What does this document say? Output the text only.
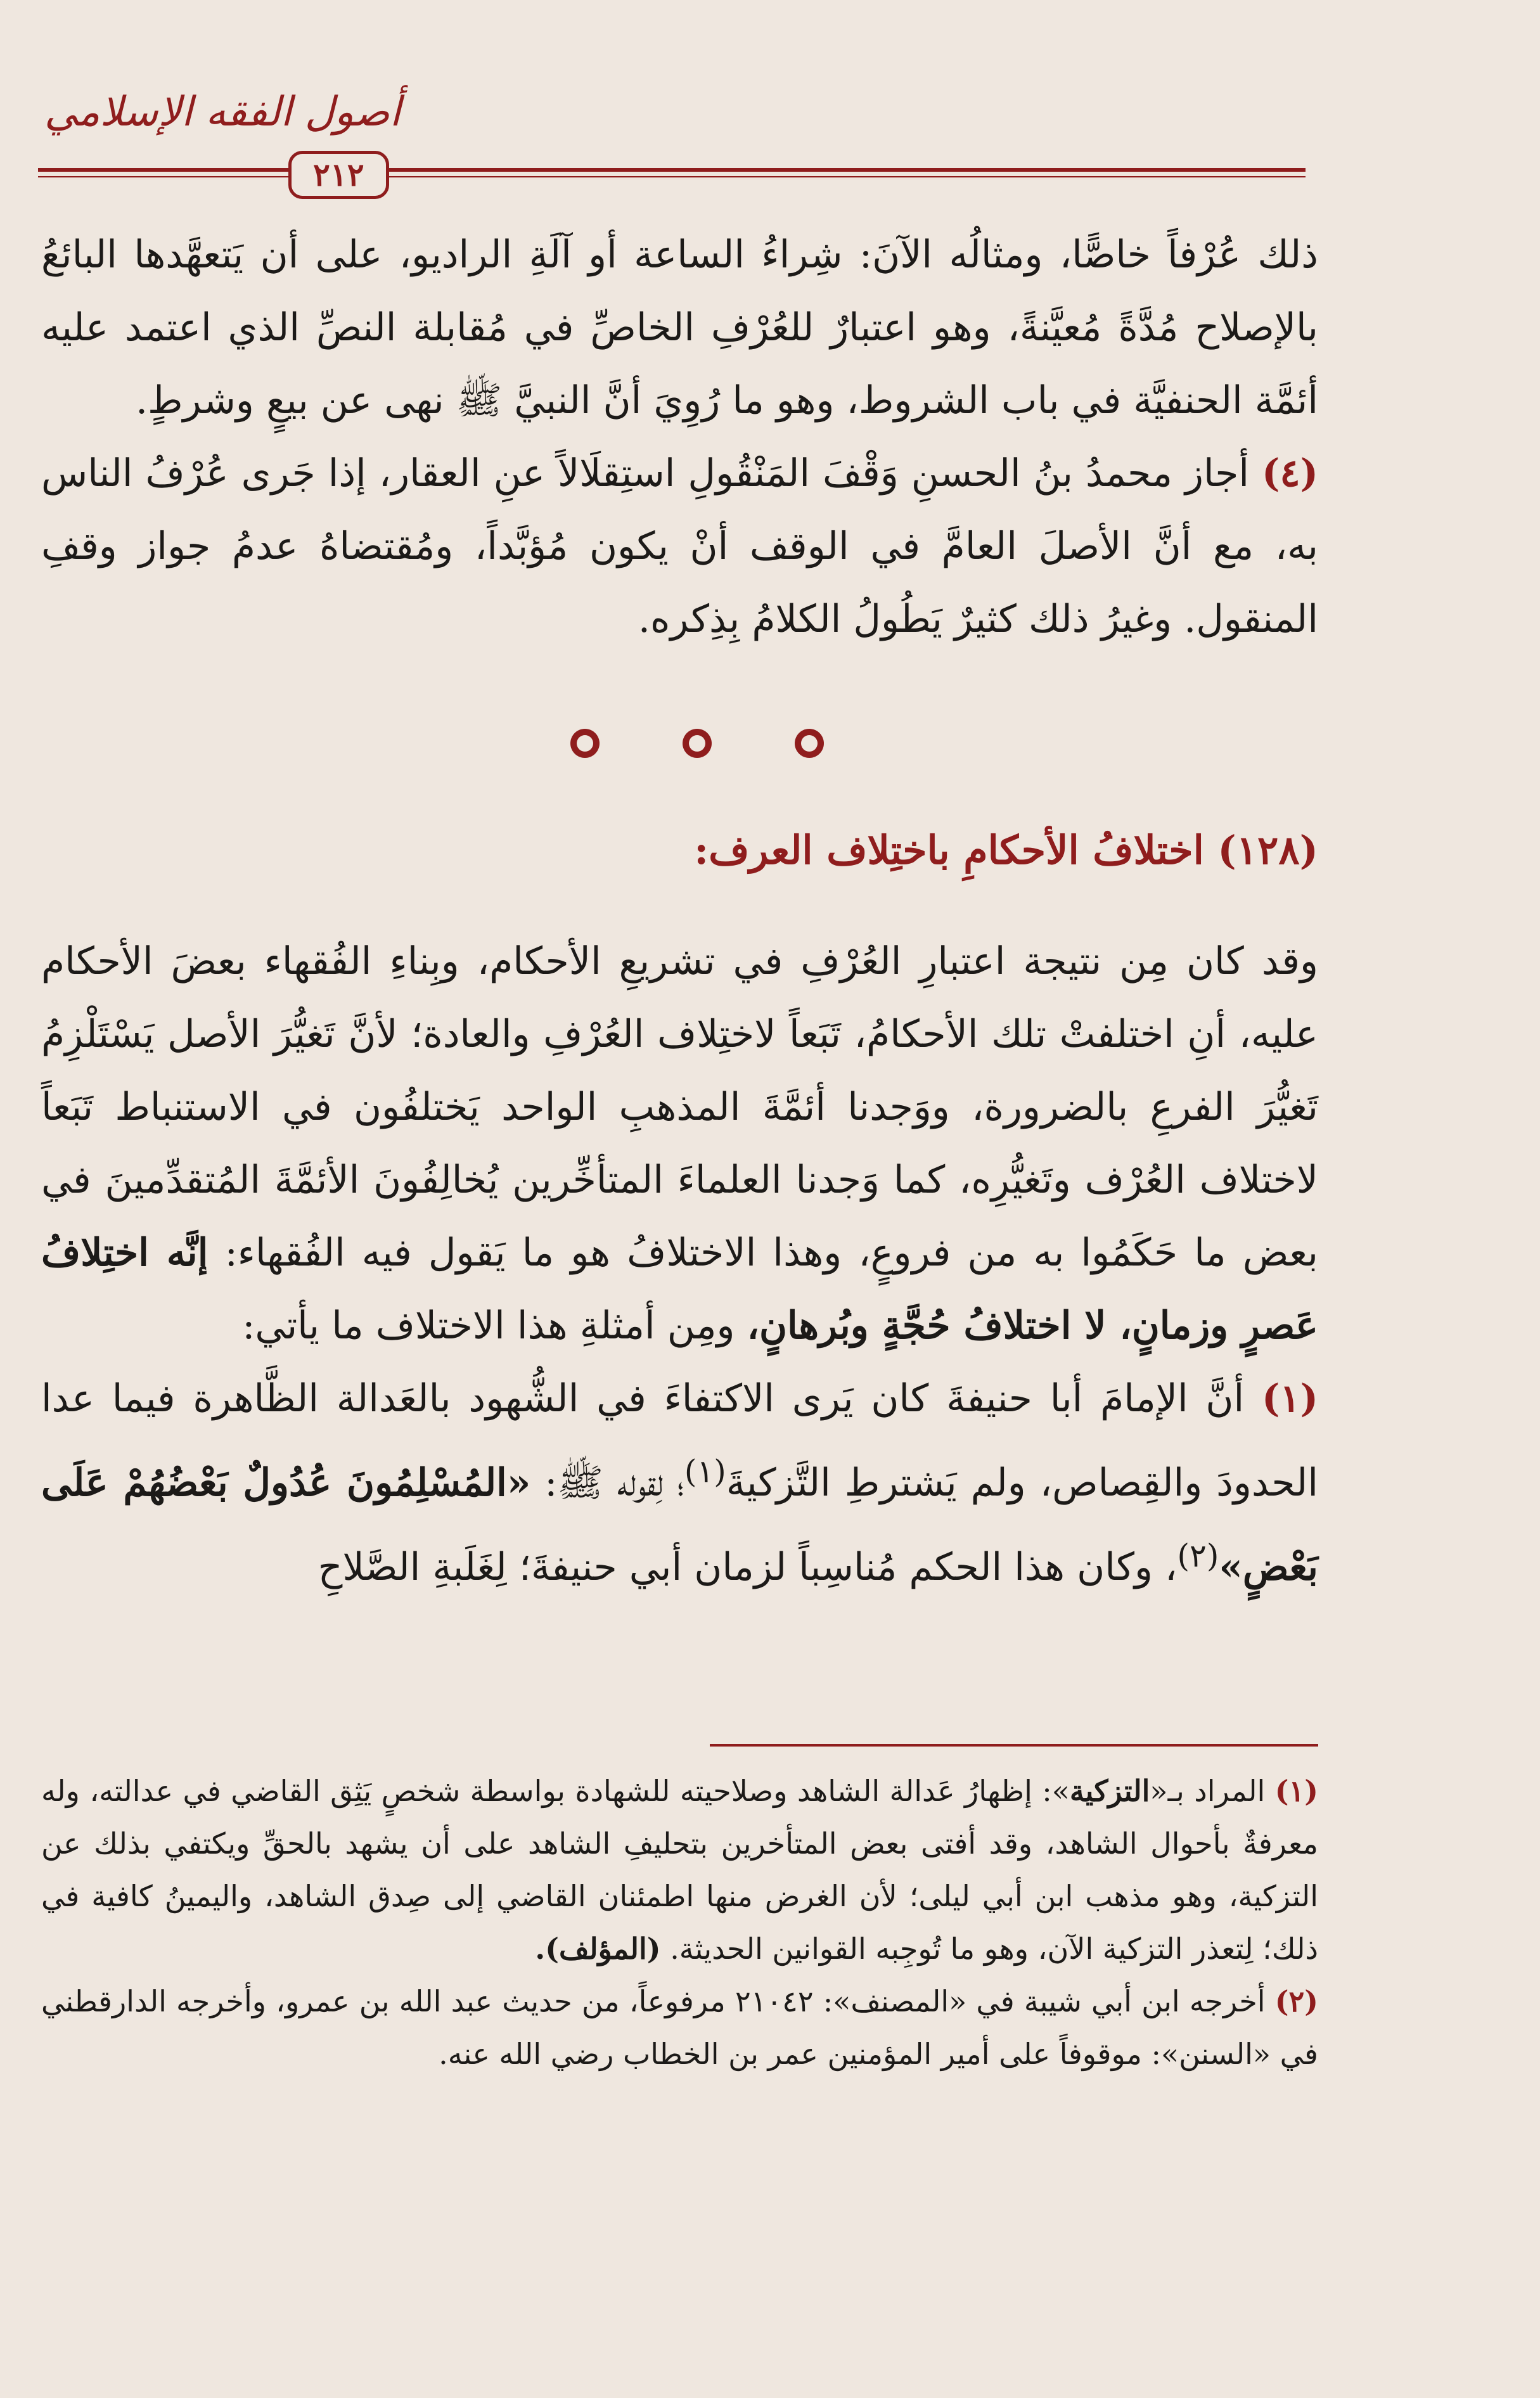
أصول الفقه الإسلامي
٢١٢

ذلك عُرْفاً خاصًّا، ومثالُه الآنَ: شِراءُ الساعة أو آلَةِ الراديو، على أن يَتعهَّدها البائعُ بالإصلاح مُدَّةً مُعيَّنةً، وهو اعتبارٌ للعُرْفِ الخاصِّ في مُقابلة النصِّ الذي اعتمد عليه أئمَّة الحنفيَّة في باب الشروط، وهو ما رُوِيَ أنَّ النبيَّ ﷺ نهى عن بيعٍ وشرطٍ.

(٤) أجاز محمدُ بنُ الحسنِ وَقْفَ المَنْقُولِ استِقلَالاً عنِ العقار، إذا جَرى عُرْفُ الناس به، مع أنَّ الأصلَ العامَّ في الوقف أنْ يكون مُؤبَّداً، ومُقتضاهُ عدمُ جواز وقفِ المنقول. وغيرُ ذلك كثيرٌ يَطُولُ الكلامُ بِذِكره.

(١٢٨) اختلافُ الأحكامِ باختِلاف العرف:

وقد كان مِن نتيجة اعتبارِ العُرْفِ في تشريعِ الأحكام، وبِناءِ الفُقهاء بعضَ الأحكام عليه، أنِ اختلفتْ تلك الأحكامُ، تَبَعاً لاختِلاف العُرْفِ والعادة؛ لأنَّ تَغيُّرَ الأصل يَسْتَلْزِمُ تَغيُّرَ الفرعِ بالضرورة، ووَجدنا أئمَّةَ المذهبِ الواحد يَختلفُون في الاستنباط تَبَعاً لاختلاف العُرْف وتَغيُّرِه، كما وَجدنا العلماءَ المتأخِّرين يُخالِفُونَ الأئمَّةَ المُتقدِّمينَ في بعض ما حَكَمُوا به من فروعٍ، وهذا الاختلافُ هو ما يَقول فيه الفُقهاء: إنَّه اختِلافُ عَصرٍ وزمانٍ، لا اختلافُ حُجَّةٍ وبُرهانٍ، ومِن أمثلةِ هذا الاختلاف ما يأتي:

(١) أنَّ الإمامَ أبا حنيفةَ كان يَرى الاكتفاءَ في الشُّهود بالعَدالة الظَّاهرة فيما عدا الحدودَ والقِصاص، ولم يَشترطِ التَّزكيةَ$^{(١)}$؛ لِقوله ﷺ: «المُسْلِمُونَ عُدُولٌ بَعْضُهُمْ عَلَى بَعْضٍ»$^{(٢)}$، وكان هذا الحكم مُناسِباً لزمان أبي حنيفةَ؛ لِغَلَبةِ الصَّلاحِ

(١) المراد بـ«التزكية»: إظهارُ عَدالة الشاهد وصلاحيته للشهادة بواسطة شخصٍ يَثِق القاضي في عدالته، وله معرفةٌ بأحوال الشاهد، وقد أفتى بعض المتأخرين بتحليفِ الشاهد على أن يشهد بالحقِّ ويكتفي بذلك عن التزكية، وهو مذهب ابن أبي ليلى؛ لأن الغرض منها اطمئنان القاضي إلى صِدق الشاهد، واليمينُ كافية في ذلك؛ لِتعذر التزكية الآن، وهو ما تُوجِبه القوانين الحديثة. (المؤلف).

(٢) أخرجه ابن أبي شيبة في «المصنف»: ٢١٠٤٢ مرفوعاً، من حديث عبد الله بن عمرو، وأخرجه الدارقطني في «السنن»: موقوفاً على أمير المؤمنين عمر بن الخطاب رضي الله عنه.
